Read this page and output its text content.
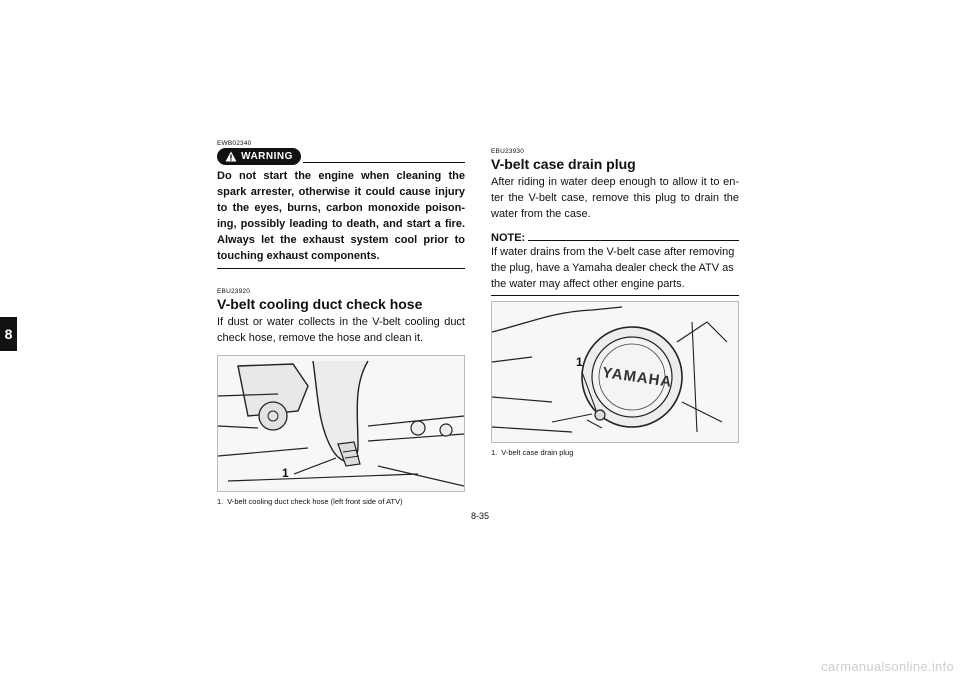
8
EWB02340
WARNING

Do not start the engine when cleaning the spark arrester, otherwise it could cause injury to the eyes, burns, carbon monoxide poisoning, possibly leading to death, and start a fire. Always let the exhaust system cool prior to touching exhaust components.

EBU23920
V-belt cooling duct check hose

If dust or water collects in the V-belt cooling duct check hose, remove the hose and clean it.

1
1. V-belt cooling duct check hose (left front side of ATV)
EBU23930
V-belt case drain plug

After riding in water deep enough to allow it to enter the V-belt case, remove this plug to drain the water from the case.

NOTE:

If water drains from the V-belt case after removing the plug, have a Yamaha dealer check the ATV as the water may affect other engine parts.

YAMAHA
1
1. V-belt case drain plug
8-35
carmanualsonline.info
